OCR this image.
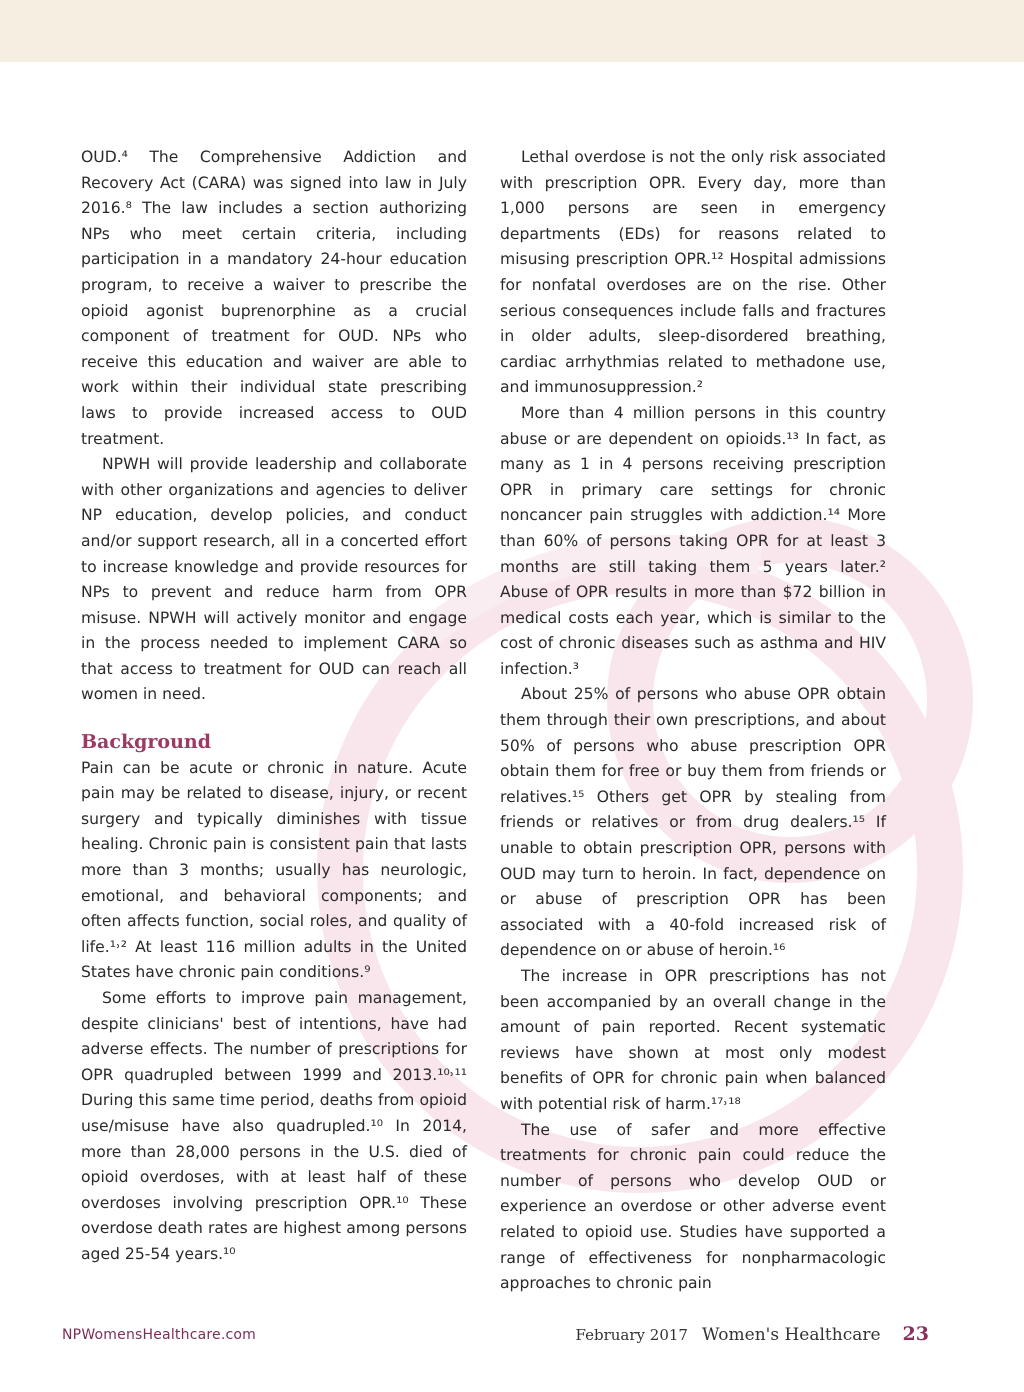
OUD.⁴ The Comprehensive Addiction and Recovery Act (CARA) was signed into law in July 2016.⁸ The law includes a section authorizing NPs who meet certain criteria, including participation in a mandatory 24-hour education program, to receive a waiver to prescribe the opioid agonist buprenorphine as a crucial component of treatment for OUD. NPs who receive this education and waiver are able to work within their individual state prescribing laws to provide increased access to OUD treatment.

NPWH will provide leadership and collaborate with other organizations and agencies to deliver NP education, develop policies, and conduct and/or support research, all in a concerted effort to increase knowledge and provide resources for NPs to prevent and reduce harm from OPR misuse. NPWH will actively monitor and engage in the process needed to implement CARA so that access to treatment for OUD can reach all women in need.

Background

Pain can be acute or chronic in nature. Acute pain may be related to disease, injury, or recent surgery and typically diminishes with tissue healing. Chronic pain is consistent pain that lasts more than 3 months; usually has neurologic, emotional, and behavioral components; and often affects function, social roles, and quality of life.¹˒² At least 116 million adults in the United States have chronic pain conditions.⁹

Some efforts to improve pain management, despite clinicians' best of intentions, have had adverse effects. The number of prescriptions for OPR quadrupled between 1999 and 2013.¹⁰˒¹¹ During this same time period, deaths from opioid use/misuse have also quadrupled.¹⁰ In 2014, more than 28,000 persons in the U.S. died of opioid overdoses, with at least half of these overdoses involving prescription OPR.¹⁰ These overdose death rates are highest among persons aged 25-54 years.¹⁰

Lethal overdose is not the only risk associated with prescription OPR. Every day, more than 1,000 persons are seen in emergency departments (EDs) for reasons related to misusing prescription OPR.¹² Hospital admissions for nonfatal overdoses are on the rise. Other serious consequences include falls and fractures in older adults, sleep-disordered breathing, cardiac arrhythmias related to methadone use, and immunosuppression.²

More than 4 million persons in this country abuse or are dependent on opioids.¹³ In fact, as many as 1 in 4 persons receiving prescription OPR in primary care settings for chronic noncancer pain struggles with addiction.¹⁴ More than 60% of persons taking OPR for at least 3 months are still taking them 5 years later.² Abuse of OPR results in more than $72 billion in medical costs each year, which is similar to the cost of chronic diseases such as asthma and HIV infection.³

About 25% of persons who abuse OPR obtain them through their own prescriptions, and about 50% of persons who abuse prescription OPR obtain them for free or buy them from friends or relatives.¹⁵ Others get OPR by stealing from friends or relatives or from drug dealers.¹⁵ If unable to obtain prescription OPR, persons with OUD may turn to heroin. In fact, dependence on or abuse of prescription OPR has been associated with a 40-fold increased risk of dependence on or abuse of heroin.¹⁶

The increase in OPR prescriptions has not been accompanied by an overall change in the amount of pain reported. Recent systematic reviews have shown at most only modest benefits of OPR for chronic pain when balanced with potential risk of harm.¹⁷˒¹⁸

The use of safer and more effective treatments for chronic pain could reduce the number of persons who develop OUD or experience an overdose or other adverse event related to opioid use. Studies have supported a range of effectiveness for nonpharmacologic approaches to chronic pain

NPWomensHealthcare.com	February 2017 Women's Healthcare 23
